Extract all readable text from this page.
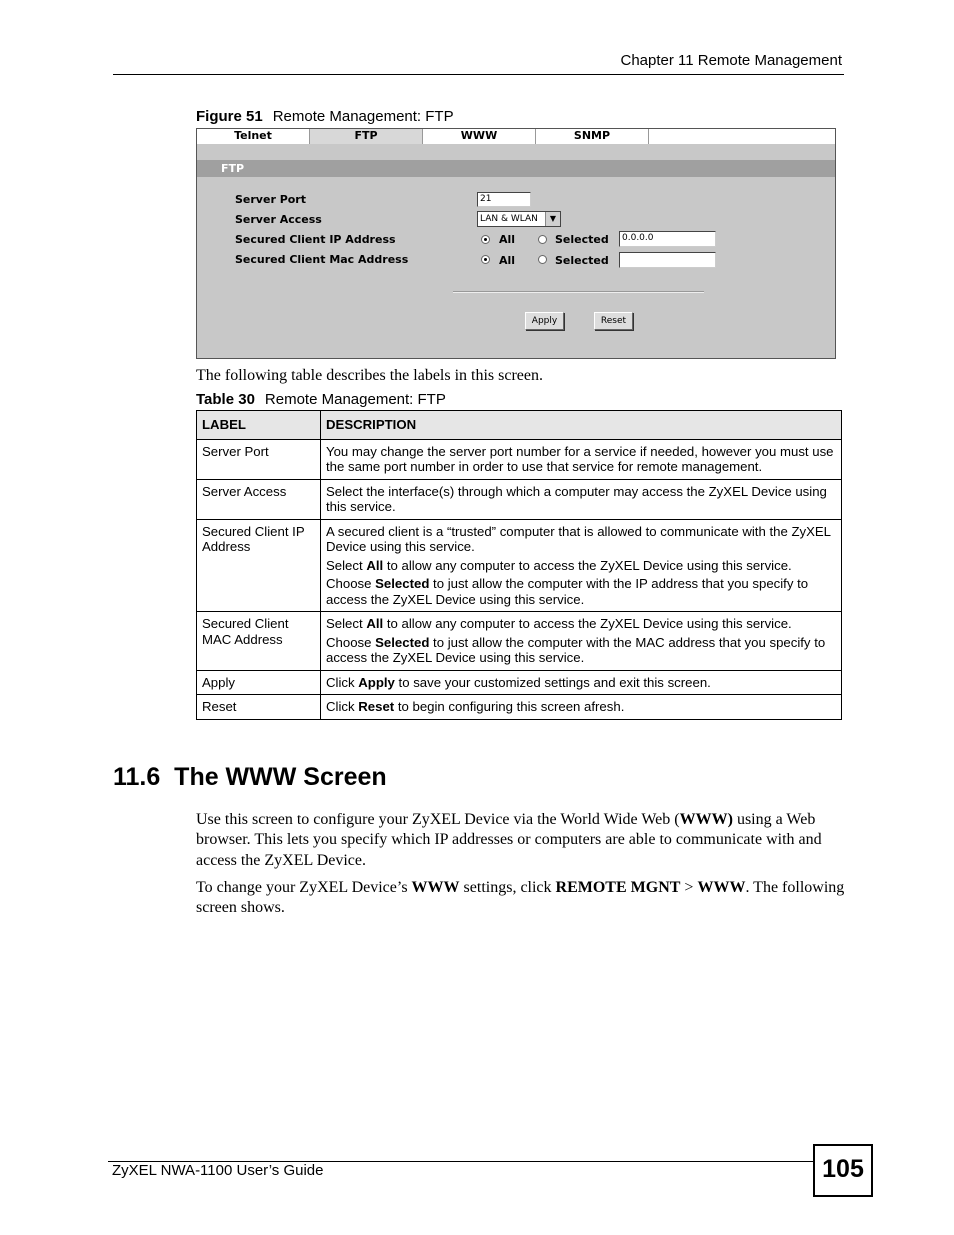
Chapter 11 Remote Management
Figure 51 Remote Management: FTP
Telnet	FTP	WWW	SNMP
FTP
Server Port	21
Server Access	LAN & WLAN	▼
Secured Client IP Address	All	Selected	0.0.0.0
Secured Client Mac Address	All	Selected
Apply	Reset
The following table describes the labels in this screen.
Table 30 Remote Management: FTP
LABEL	DESCRIPTION
Server Port	You may change the server port number for a service if needed, however you must use the same port number in order to use that service for remote management.
Server Access	Select the interface(s) through which a computer may access the ZyXEL Device using this service.
Secured Client IP Address	A secured client is a “trusted” computer that is allowed to communicate with the ZyXEL Device using this service.

Select All to allow any computer to access the ZyXEL Device using this service.

Choose Selected to just allow the computer with the IP address that you specify to access the ZyXEL Device using this service.

Secured Client MAC Address	Select All to allow any computer to access the ZyXEL Device using this service.

Choose Selected to just allow the computer with the MAC address that you specify to access the ZyXEL Device using this service.

Apply	Click Apply to save your customized settings and exit this screen.
Reset	Click Reset to begin configuring this screen afresh.
11.6  The WWW Screen

Use this screen to configure your ZyXEL Device via the World Wide Web (WWW) using a Web browser. This lets you specify which IP addresses or computers are able to communicate with and access the ZyXEL Device.

To change your ZyXEL Device’s WWW settings, click REMOTE MGNT > WWW. The following screen shows.

ZyXEL NWA-1100 User’s Guide	105
